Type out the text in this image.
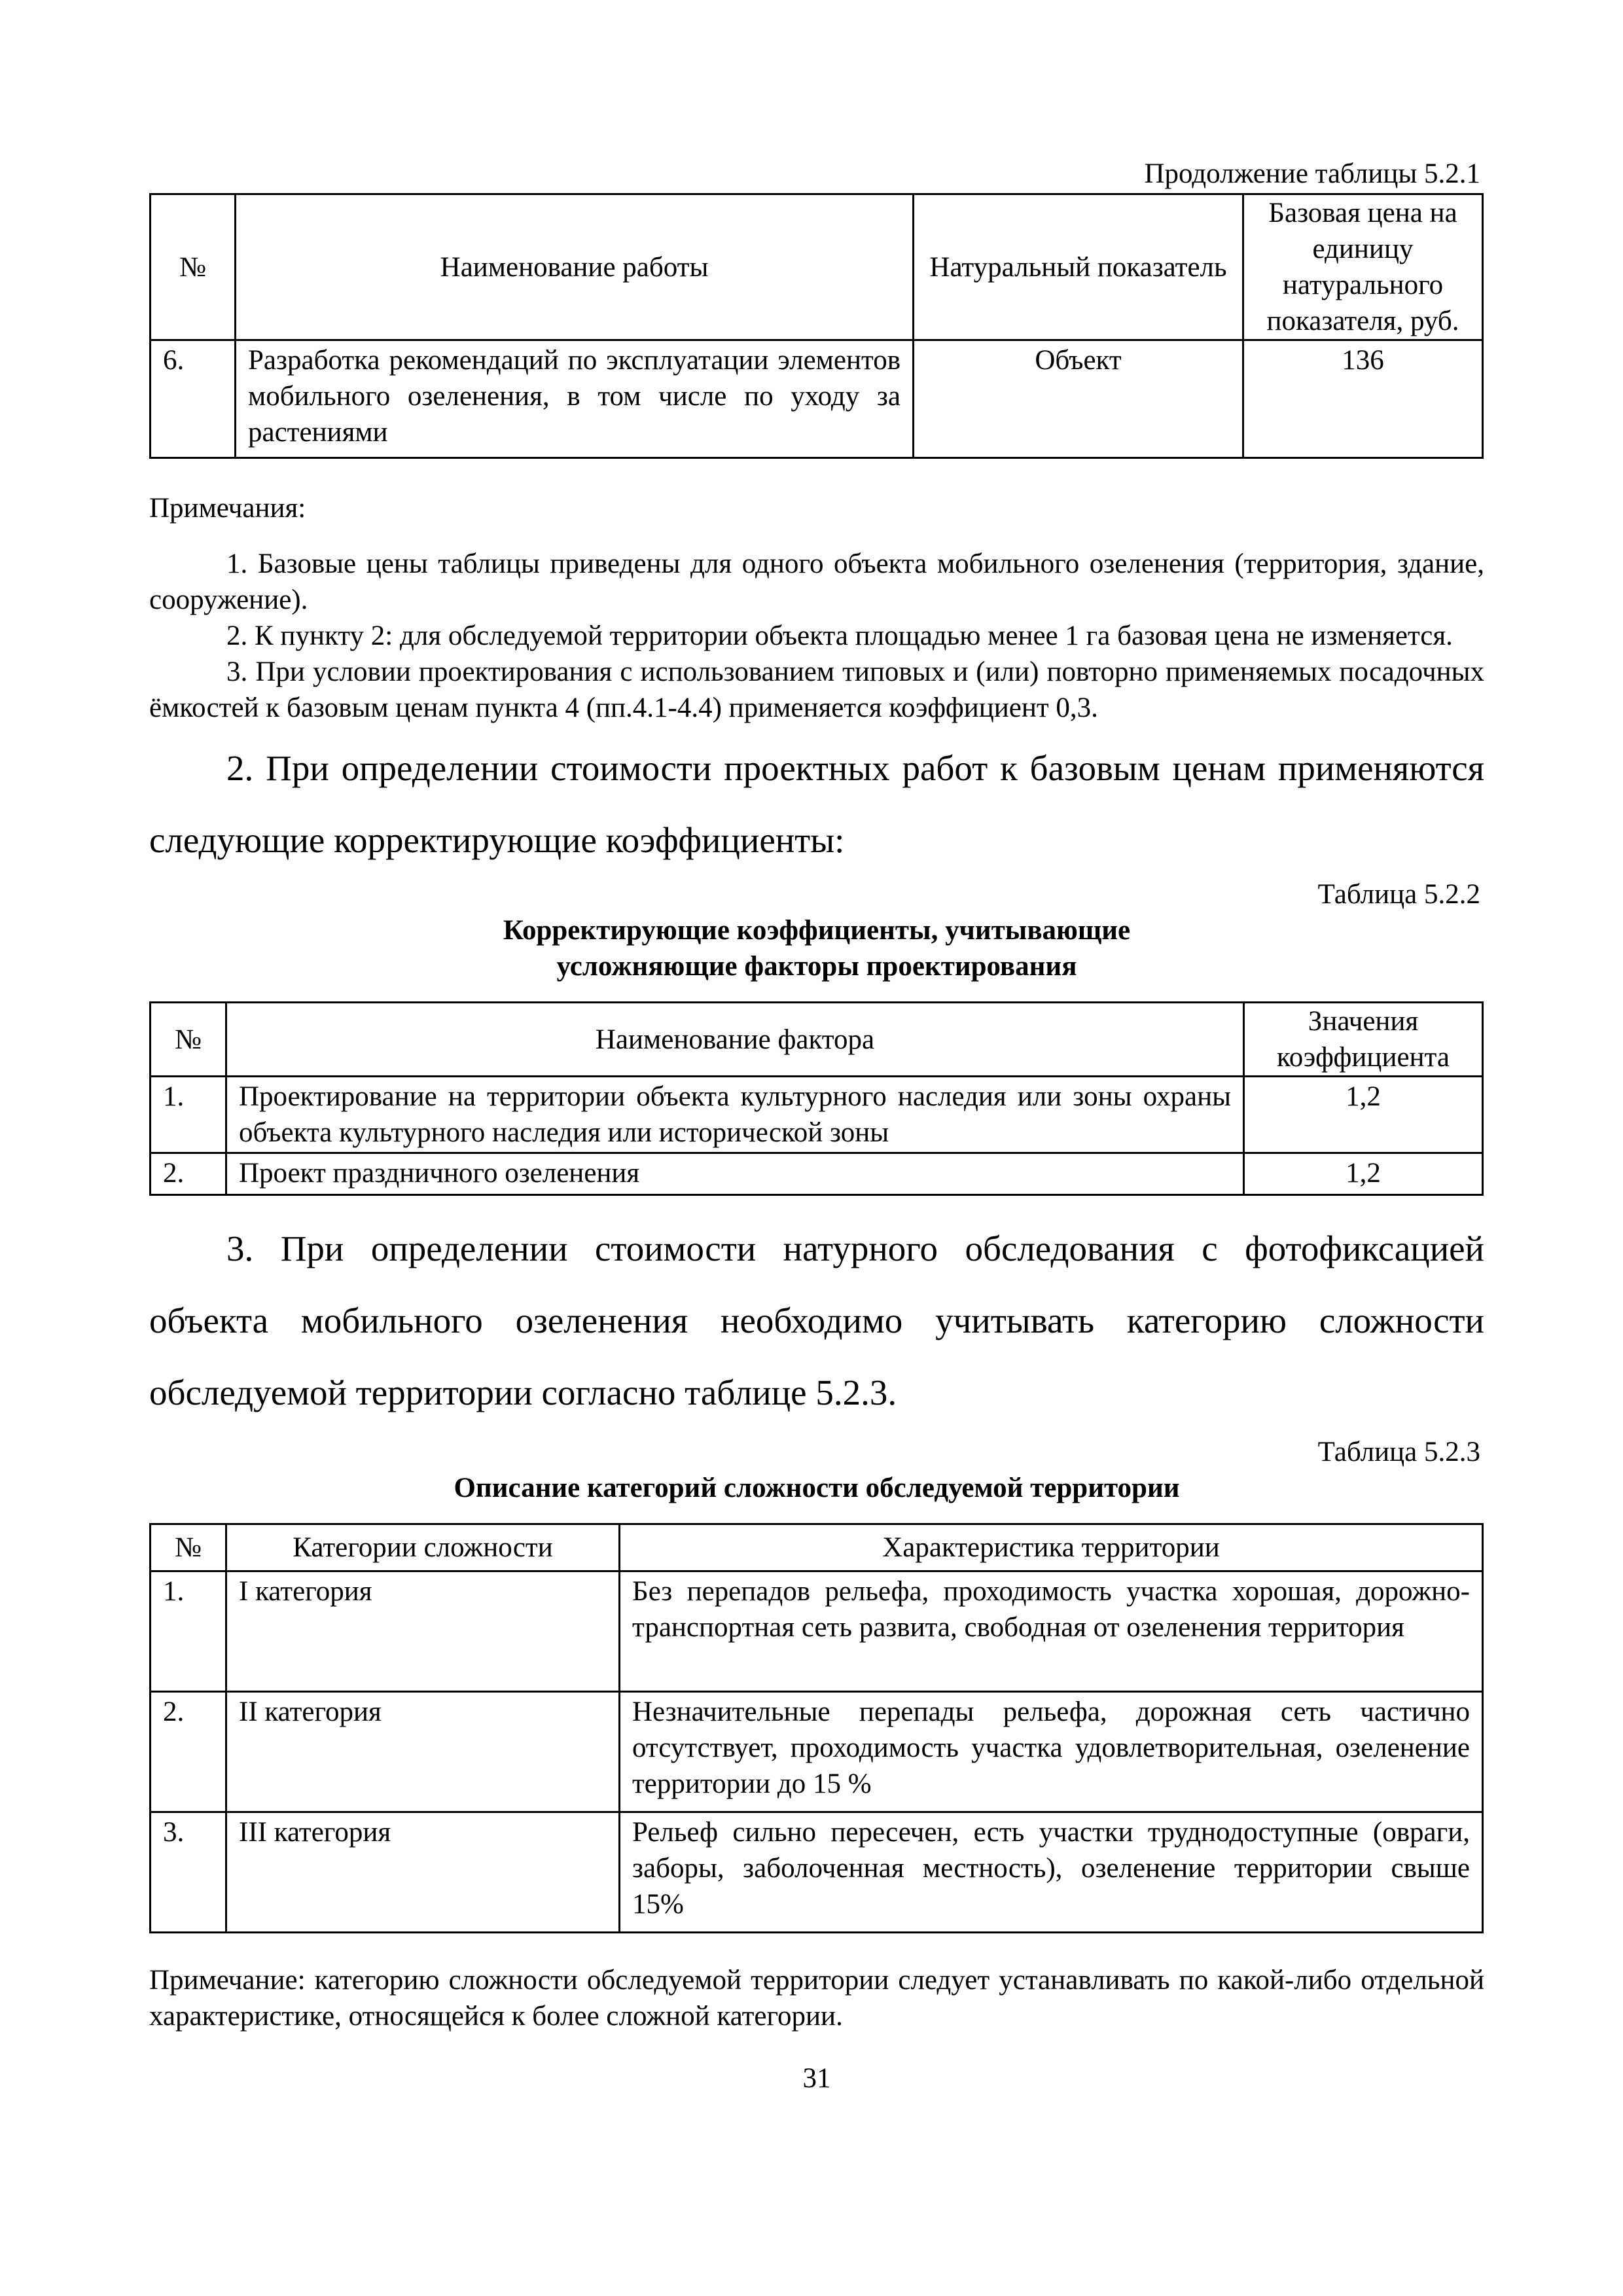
Продолжение таблицы 5.2.1
№	Наименование работы	Натуральный показатель	Базовая цена на единицу натурального показателя, руб.
6.	Разработка рекомендаций по эксплуатации элементов мобильного озеленения, в том числе по уходу за растениями	Объект	136

Примечания:

1. Базовые цены таблицы приведены для одного объекта мобильного озеленения (территория, здание, сооружение).

2. К пункту 2: для обследуемой территории объекта площадью менее 1 га базовая цена не изменяется.

3. При условии проектирования с использованием типовых и (или) повторно применяемых посадочных ёмкостей к базовым ценам пункта 4 (пп.4.1-4.4) применяется коэффициент 0,3.

2. При определении стоимости проектных работ к базовым ценам применяются следующие корректирующие коэффициенты:

Таблица 5.2.2
Корректирующие коэффициенты, учитывающие
усложняющие факторы проектирования
№	Наименование фактора	Значения коэффициента
1.	Проектирование на территории объекта культурного наследия или зоны охраны объекта культурного наследия или исторической зоны	1,2
2.	Проект праздничного озеленения	1,2

3. При определении стоимости натурного обследования с фотофиксацией объекта мобильного озеленения необходимо учитывать категорию сложности обследуемой территории согласно таблице 5.2.3.

Таблица 5.2.3
Описание категорий сложности обследуемой территории
№	Категории сложности	Характеристика территории
1.	I категория	Без перепадов рельефа, проходимость участка хорошая, дорожно-транспортная сеть развита, свободная от озеленения территория
2.	II категория	Незначительные перепады рельефа, дорожная сеть частично отсутствует, проходимость участка удовлетворительная, озеленение территории до 15 %
3.	III категория	Рельеф сильно пересечен, есть участки труднодоступные (овраги, заборы, заболоченная местность), озеленение территории свыше 15%

Примечание: категорию сложности обследуемой территории следует устанавливать по какой-либо отдельной характеристике, относящейся к более сложной категории.

31
